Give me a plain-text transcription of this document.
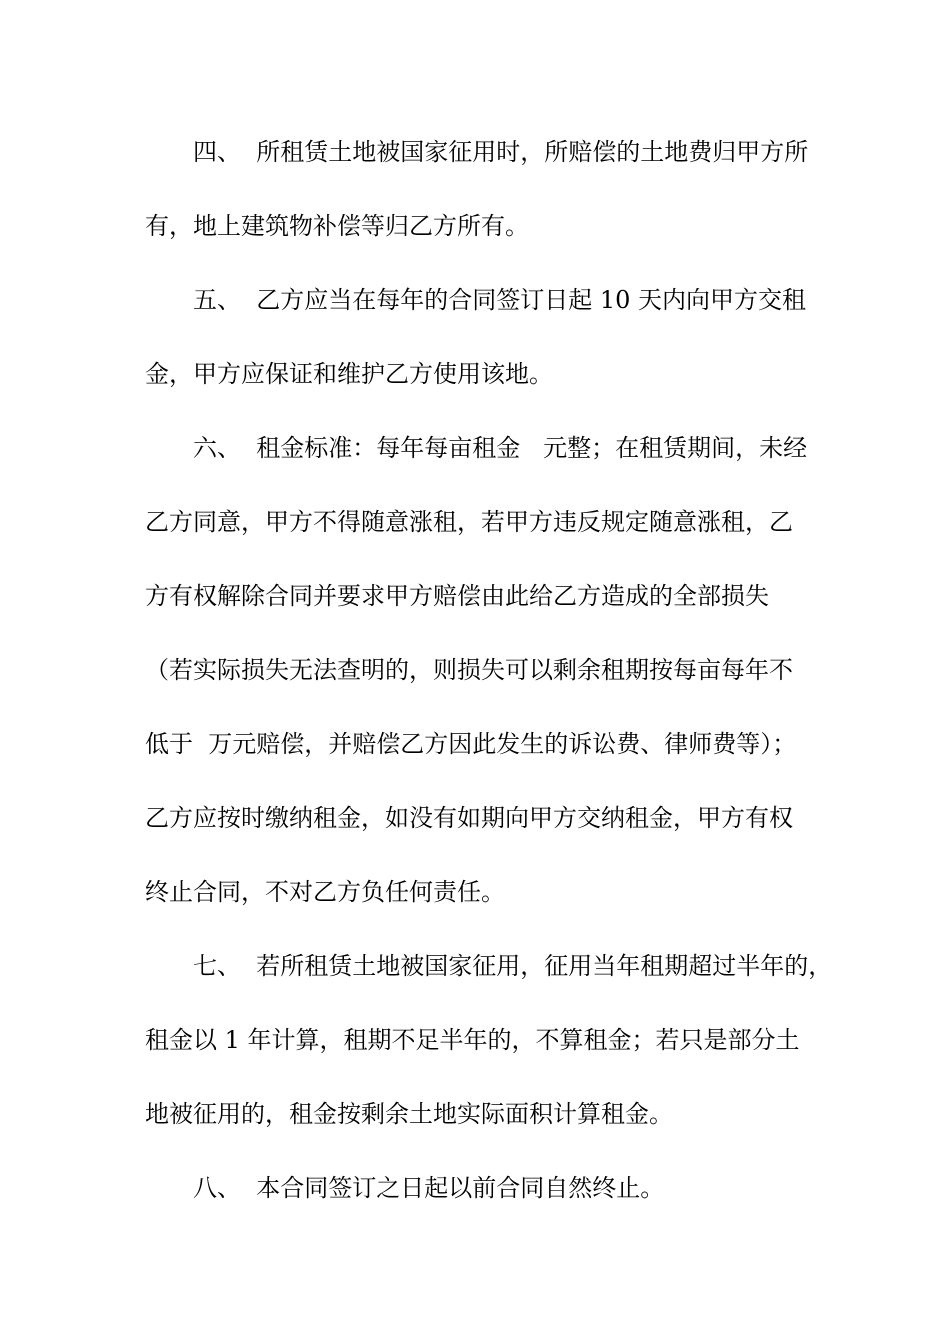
四、  所租赁土地被国家征用时，所赔偿的土地费归甲方所
有，地上建筑物补偿等归乙方所有。
五、  乙方应当在每年的合同签订日起 10 天内向甲方交租
金，甲方应保证和维护乙方使用该地。
六、  租金标准：每年每亩租金   元整；在租赁期间，未经
乙方同意，甲方不得随意涨租，若甲方违反规定随意涨租，乙
方有权解除合同并要求甲方赔偿由此给乙方造成的全部损失
（若实际损失无法查明的，则损失可以剩余租期按每亩每年不
低于  万元赔偿，并赔偿乙方因此发生的诉讼费、律师费等）；
乙方应按时缴纳租金，如没有如期向甲方交纳租金，甲方有权
终止合同，不对乙方负任何责任。
七、  若所租赁土地被国家征用，征用当年租期超过半年的，
租金以 1 年计算，租期不足半年的，不算租金；若只是部分土
地被征用的，租金按剩余土地实际面积计算租金。
八、  本合同签订之日起以前合同自然终止。
